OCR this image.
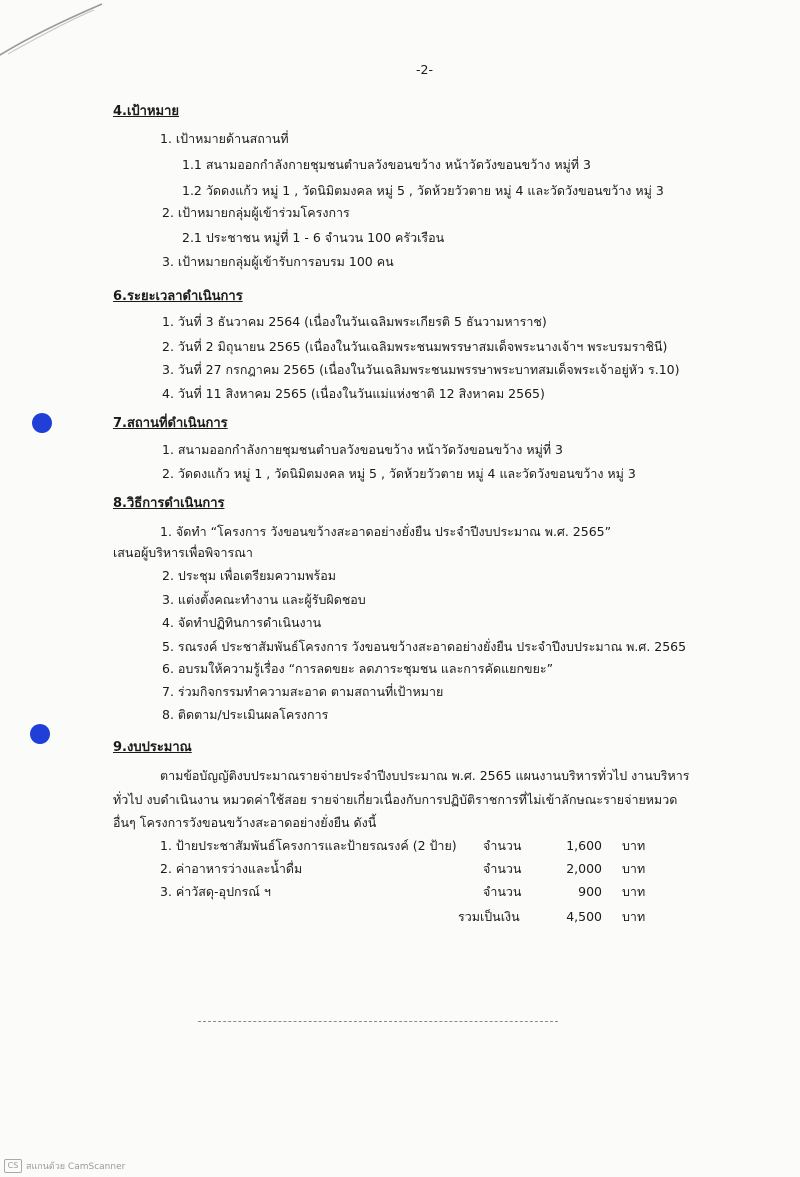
-2-
4.เป้าหมาย
1. เป้าหมายด้านสถานที่
1.1 สนามออกกำลังกายชุมชนตำบลวังขอนขว้าง หน้าวัดวังขอนขว้าง หมู่ที่ 3
1.2 วัดดงแก้ว หมู่ 1 , วัดนิมิตมงคล หมู่ 5 , วัดห้วยวัวตาย หมู่ 4 และวัดวังขอนขว้าง หมู่ 3
2. เป้าหมายกลุ่มผู้เข้าร่วมโครงการ
2.1 ประชาชน หมู่ที่ 1 - 6 จำนวน 100 ครัวเรือน
3. เป้าหมายกลุ่มผู้เข้ารับการอบรม 100 คน
6.ระยะเวลาดำเนินการ
1. วันที่ 3 ธันวาคม 2564 (เนื่องในวันเฉลิมพระเกียรติ 5 ธันวามหาราช)
2. วันที่ 2 มิถุนายน 2565 (เนื่องในวันเฉลิมพระชนมพรรษาสมเด็จพระนางเจ้าฯ พระบรมราชินี)
3. วันที่ 27 กรกฎาคม 2565 (เนื่องในวันเฉลิมพระชนมพรรษาพระบาทสมเด็จพระเจ้าอยู่หัว ร.10)
4. วันที่ 11 สิงหาคม 2565 (เนื่องในวันแม่แห่งชาติ 12 สิงหาคม 2565)
7.สถานที่ดำเนินการ
1. สนามออกกำลังกายชุมชนตำบลวังขอนขว้าง หน้าวัดวังขอนขว้าง หมู่ที่ 3
2. วัดดงแก้ว หมู่ 1 , วัดนิมิตมงคล หมู่ 5 , วัดห้วยวัวตาย หมู่ 4 และวัดวังขอนขว้าง หมู่ 3
8.วิธีการดำเนินการ
1. จัดทำ “โครงการ วังขอนขว้างสะอาดอย่างยั่งยืน ประจำปีงบประมาณ พ.ศ. 2565”
เสนอผู้บริหารเพื่อพิจารณา
2. ประชุม เพื่อเตรียมความพร้อม
3. แต่งตั้งคณะทำงาน และผู้รับผิดชอบ
4. จัดทำปฏิทินการดำเนินงาน
5. รณรงค์ ประชาสัมพันธ์โครงการ วังขอนขว้างสะอาดอย่างยั่งยืน ประจำปีงบประมาณ พ.ศ. 2565
6. อบรมให้ความรู้เรื่อง “การลดขยะ ลดภาระชุมชน และการคัดแยกขยะ”
7. ร่วมกิจกรรมทำความสะอาด ตามสถานที่เป้าหมาย
8. ติดตาม/ประเมินผลโครงการ
9.งบประมาณ
ตามข้อบัญญัติงบประมาณรายจ่ายประจำปีงบประมาณ พ.ศ. 2565 แผนงานบริหารทั่วไป งานบริหาร
ทั่วไป งบดำเนินงาน หมวดค่าใช้สอย รายจ่ายเกี่ยวเนื่องกับการปฏิบัติราชการที่ไม่เข้าลักษณะรายจ่ายหมวด
อื่นๆ โครงการวังขอนขว้างสะอาดอย่างยั่งยืน ดังนี้
1. ป้ายประชาสัมพันธ์โครงการและป้ายรณรงค์ (2 ป้าย) จำนวน	1,600 บาท
2. ค่าอาหารว่างและน้ำดื่ม	จำนวน	2,000 บาท
3. ค่าวัสดุ-อุปกรณ์ ฯ	จำนวน	900 บาท
รวมเป็นเงิน	4,500 บาท
CS สแกนด้วย CamScanner
